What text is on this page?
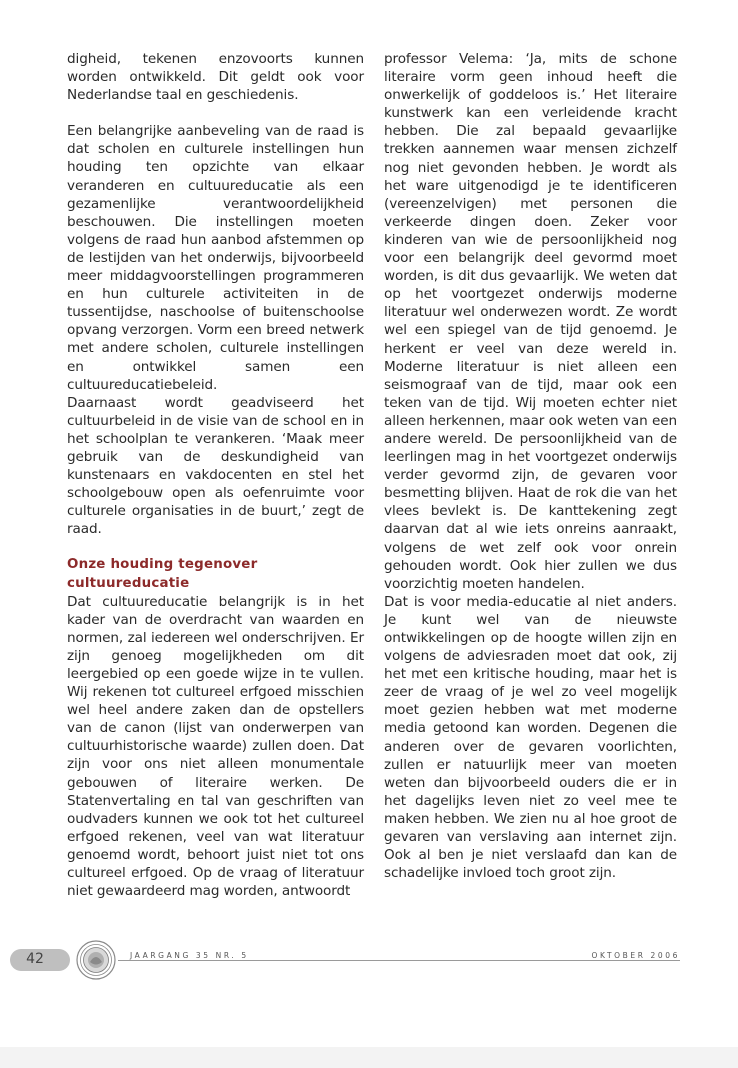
digheid, tekenen enzovoorts kunnen worden ontwikkeld. Dit geldt ook voor Nederlandse taal en geschiedenis.

Een belangrijke aanbeveling van de raad is dat scholen en culturele instellingen hun houding ten opzichte van elkaar veranderen en cultuureducatie als een gezamenlijke verantwoordelijkheid beschouwen. Die instellingen moeten volgens de raad hun aanbod afstemmen op de lestijden van het onderwijs, bijvoorbeeld meer middagvoorstellingen programmeren en hun culturele activiteiten in de tussentijdse, naschoolse of buitenschoolse opvang verzorgen. Vorm een breed netwerk met andere scholen, culturele instellingen en ontwikkel samen een cultuureducatiebeleid.

Daarnaast wordt geadviseerd het cultuurbeleid in de visie van de school en in het schoolplan te verankeren. ‘Maak meer gebruik van de deskundigheid van kunstenaars en vakdocenten en stel het schoolgebouw open als oefenruimte voor culturele organisaties in de buurt,’ zegt de raad.

Onze houding tegenover cultuureducatie

Dat cultuureducatie belangrijk is in het kader van de overdracht van waarden en normen, zal iedereen wel onderschrijven. Er zijn genoeg mogelijkheden om dit leergebied op een goede wijze in te vullen. Wij rekenen tot cultureel erfgoed misschien wel heel andere zaken dan de opstellers van de canon (lijst van onderwerpen van cultuurhistorische waarde) zullen doen. Dat zijn voor ons niet alleen monumentale gebouwen of literaire werken. De Statenvertaling en tal van geschriften van oudvaders kunnen we ook tot het cultureel erfgoed rekenen, veel van wat literatuur genoemd wordt, behoort juist niet tot ons cultureel erfgoed. Op de vraag of literatuur niet gewaardeerd mag worden, antwoordt

professor Velema: ‘Ja, mits de schone literaire vorm geen inhoud heeft die onwerkelijk of goddeloos is.’ Het literaire kunstwerk kan een verleidende kracht hebben. Die zal bepaald gevaarlijke trekken aannemen waar mensen zichzelf nog niet gevonden hebben. Je wordt als het ware uitgenodigd je te identificeren (vereenzelvigen) met personen die verkeerde dingen doen. Zeker voor kinderen van wie de persoonlijkheid nog voor een belangrijk deel gevormd moet worden, is dit dus gevaarlijk. We weten dat op het voortgezet onderwijs moderne literatuur wel onderwezen wordt. Ze wordt wel een spiegel van de tijd genoemd. Je herkent er veel van deze wereld in. Moderne literatuur is niet alleen een seismograaf van de tijd, maar ook een teken van de tijd. Wij moeten echter niet alleen herkennen, maar ook weten van een andere wereld. De persoonlijkheid van de leerlingen mag in het voortgezet onderwijs verder gevormd zijn, de gevaren voor besmetting blijven. Haat de rok die van het vlees bevlekt is. De kanttekening zegt daarvan dat al wie iets onreins aanraakt, volgens de wet zelf ook voor onrein gehouden wordt. Ook hier zullen we dus voorzichtig moeten handelen.

Dat is voor media-educatie al niet anders. Je kunt wel van de nieuwste ontwikkelingen op de hoogte willen zijn en volgens de adviesraden moet dat ook, zij het met een kritische houding, maar het is zeer de vraag of je wel zo veel mogelijk moet gezien hebben wat met moderne media getoond kan worden. Degenen die anderen over de gevaren voorlichten, zullen er natuurlijk meer van moeten weten dan bijvoorbeeld ouders die er in het dagelijks leven niet zo veel mee te maken hebben. We zien nu al hoe groot de gevaren van verslaving aan internet zijn. Ook al ben je niet verslaafd dan kan de schadelijke invloed toch groot zijn.

42	JAARGANG 35 NR. 5	OKTOBER 2006
